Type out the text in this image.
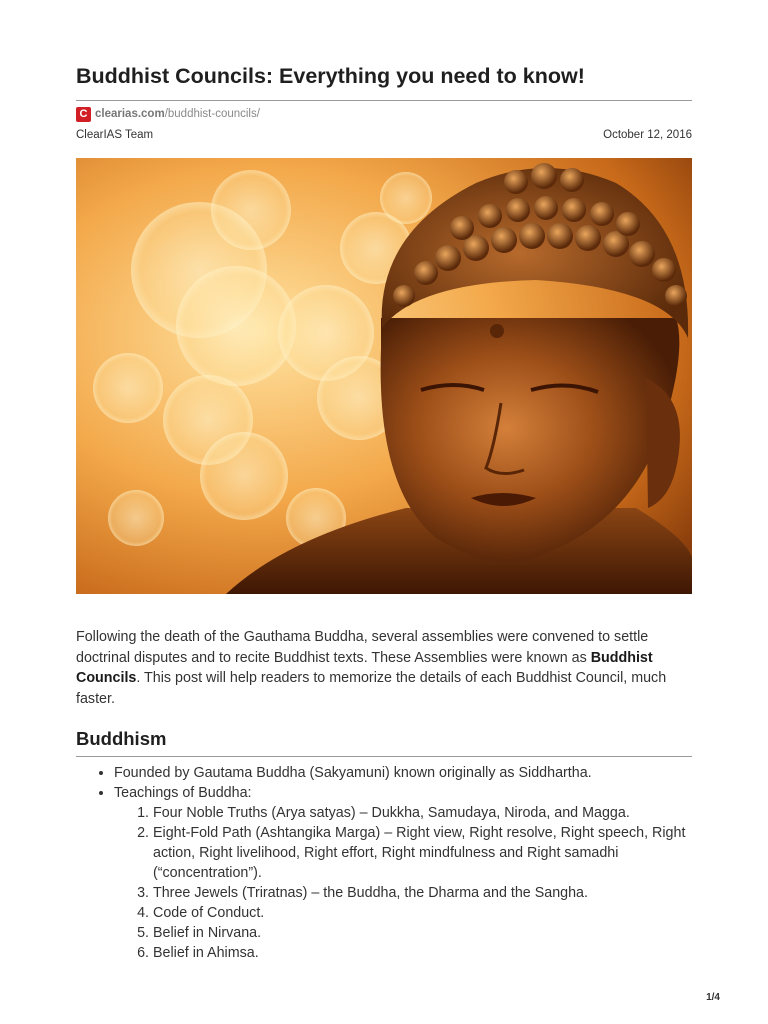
Buddhist Councils: Everything you need to know!
C clearias.com /buddhist-councils/
ClearIAS Team	October 12, 2016

Following the death of the Gauthama Buddha, several assemblies were convened to settle doctrinal disputes and to recite Buddhist texts. These Assemblies were known as Buddhist Councils. This post will help readers to memorize the details of each Buddhist Council, much faster.

Buddhism
• Founded by Gautama Buddha (Sakyamuni) known originally as Siddhartha.
• Teachings of Buddha:
1. Four Noble Truths (Arya satyas) – Dukkha, Samudaya, Niroda, and Magga.
2. Eight-Fold Path (Ashtangika Marga) – Right view, Right resolve, Right speech, Right action, Right livelihood, Right effort, Right mindfulness and Right samadhi (“concentration”).
3. Three Jewels (Triratnas) – the Buddha, the Dharma and the Sangha.
4. Code of Conduct.
5. Belief in Nirvana.
6. Belief in Ahimsa.
1/4
